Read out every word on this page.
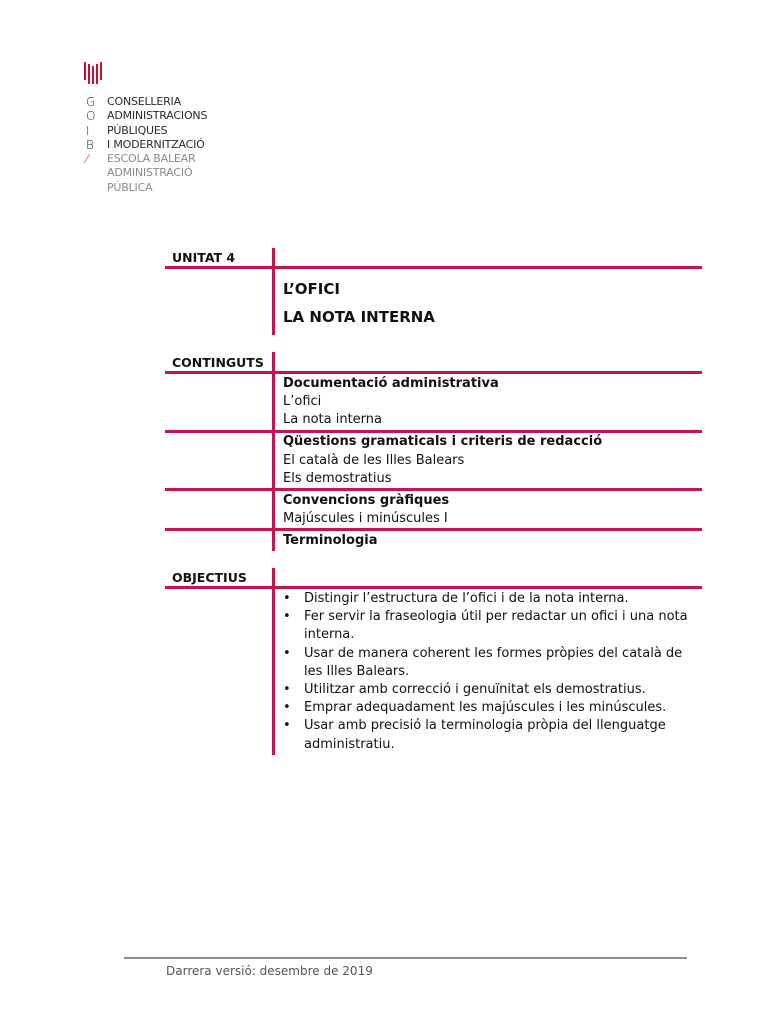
G
O
I
B
⁄
CONSELLERIA
ADMINISTRACIONS
PÚBLIQUES
I MODERNITZACIÓ
ESCOLA BALEAR
ADMINISTRACIÓ
PÚBLICA
UNITAT 4
L’OFICI
LA NOTA INTERNA
CONTINGUTS
Documentació administrativa
L’ofici
La nota interna
Qüestions gramaticals i criteris de redacció
El català de les Illes Balears
Els demostratius
Convencions gràfiques
Majúscules i minúscules I
Terminologia
OBJECTIUS
• Distingir l’estructura de l’ofici i de la nota interna.
• Fer servir la fraseologia útil per redactar un ofici i una nota interna.
• Usar de manera coherent les formes pròpies del català de les Illes Balears.
• Utilitzar amb correcció i genuïnitat els demostratius.
• Emprar adequadament les majúscules i les minúscules.
• Usar amb precisió la terminologia pròpia del llenguatge administratiu.
Darrera versió: desembre de 2019
